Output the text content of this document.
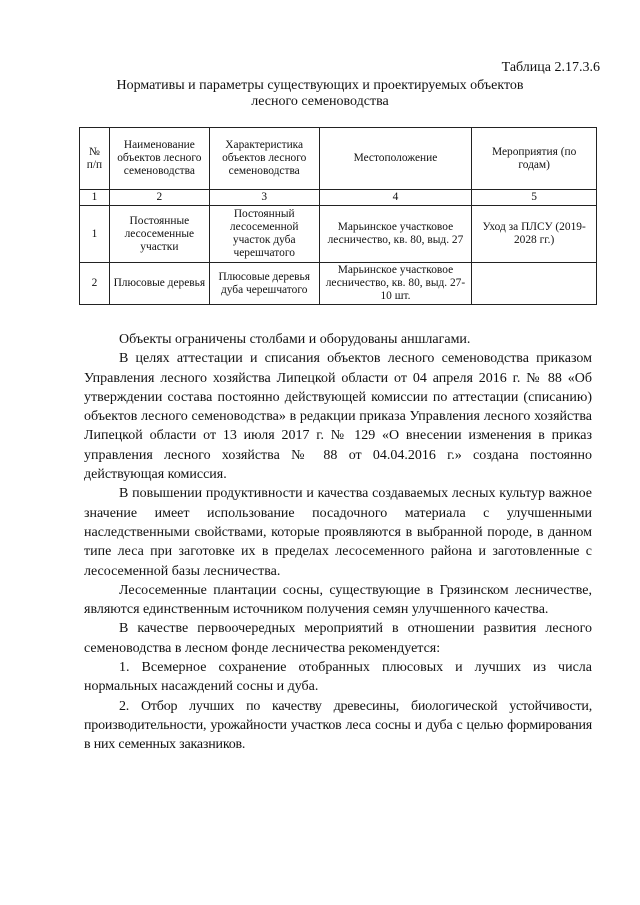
Таблица 2.17.3.6
Нормативы и параметры существующих и проектируемых объектов
лесного семеноводства
№ п/п	Наименование объектов лесного семеноводства	Характеристика объектов лесного семеноводства	Местоположение	Мероприятия (по годам)
1	2	3	4	5
1	Постоянные лесосеменные участки	Постоянный лесосеменной участок дуба черешчатого	Марьинское участковое лесничество, кв. 80, выд. 27	Уход за ПЛСУ (2019-2028 гг.)
2	Плюсовые деревья	Плюсовые деревья дуба черешчатого	Марьинское участковое лесничество, кв. 80, выд. 27-10 шт.	

Объекты ограничены столбами и оборудованы аншлагами.

В целях аттестации и списания объектов лесного семеноводства приказом Управления лесного хозяйства Липецкой области от 04 апреля 2016 г. № 88 «Об утверждении состава постоянно действующей комиссии по аттестации (списанию) объектов лесного семеноводства» в редакции приказа Управления лесного хозяйства Липецкой области от 13 июля 2017 г. № 129 «О внесении изменения в приказ управления лесного хозяйства № 88 от 04.04.2016 г.» создана постоянно действующая комиссия.

В повышении продуктивности и качества создаваемых лесных культур важное значение имеет использование посадочного материала с улучшенными наследственными свойствами, которые проявляются в выбранной породе, в данном типе леса при заготовке их в пределах лесосеменного района и заготовленные с лесосеменной базы лесничества.

Лесосеменные плантации сосны, существующие в Грязинском лесничестве, являются единственным источником получения семян улучшенного качества.

В качестве первоочередных мероприятий в отношении развития лесного семеноводства в лесном фонде лесничества рекомендуется:

1. Всемерное сохранение отобранных плюсовых и лучших из числа нормальных насаждений сосны и дуба.

2. Отбор лучших по качеству древесины, биологической устойчивости, производительности, урожайности участков леса сосны и дуба с целью формирования в них семенных заказников.
